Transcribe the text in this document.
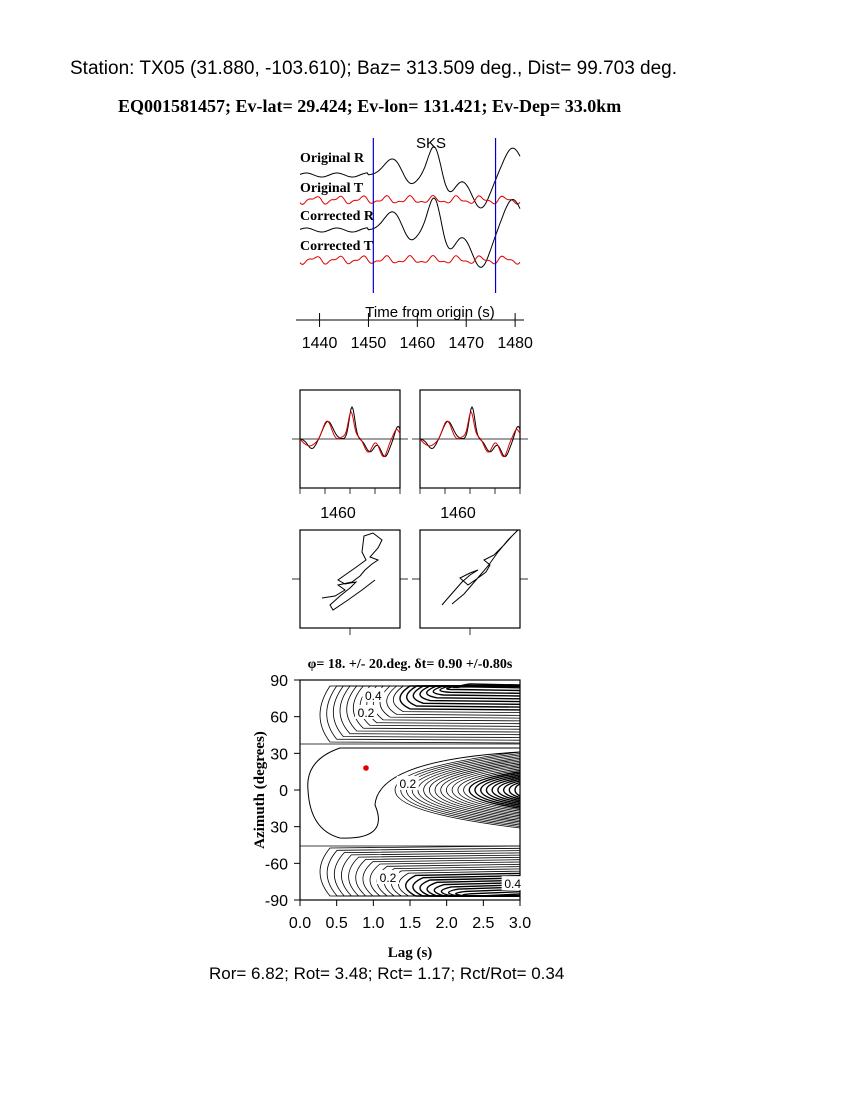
Station: TX05 (31.880, -103.610); Baz= 313.509 deg., Dist= 99.703 deg.
EQ001581457; Ev-lat= 29.424; Ev-lon= 131.421; Ev-Dep= 33.0km
SKS
Original R
Original T
Corrected R
Corrected T
1440 1450 1460 1470 1480
Time from origin (s)
1460	1460
φ= 18. +/- 20.deg. δt= 0.90 +/-0.80s
0.0 0.5 1.0 1.5 2.0 2.5 3.0
90
60
30
0
30
-60
-90
Lag (s)
Azimuth (degrees)
0.4
0.2
0.2
0.2	0.4
Ror= 6.82; Rot= 3.48; Rct= 1.17; Rct/Rot= 0.34
